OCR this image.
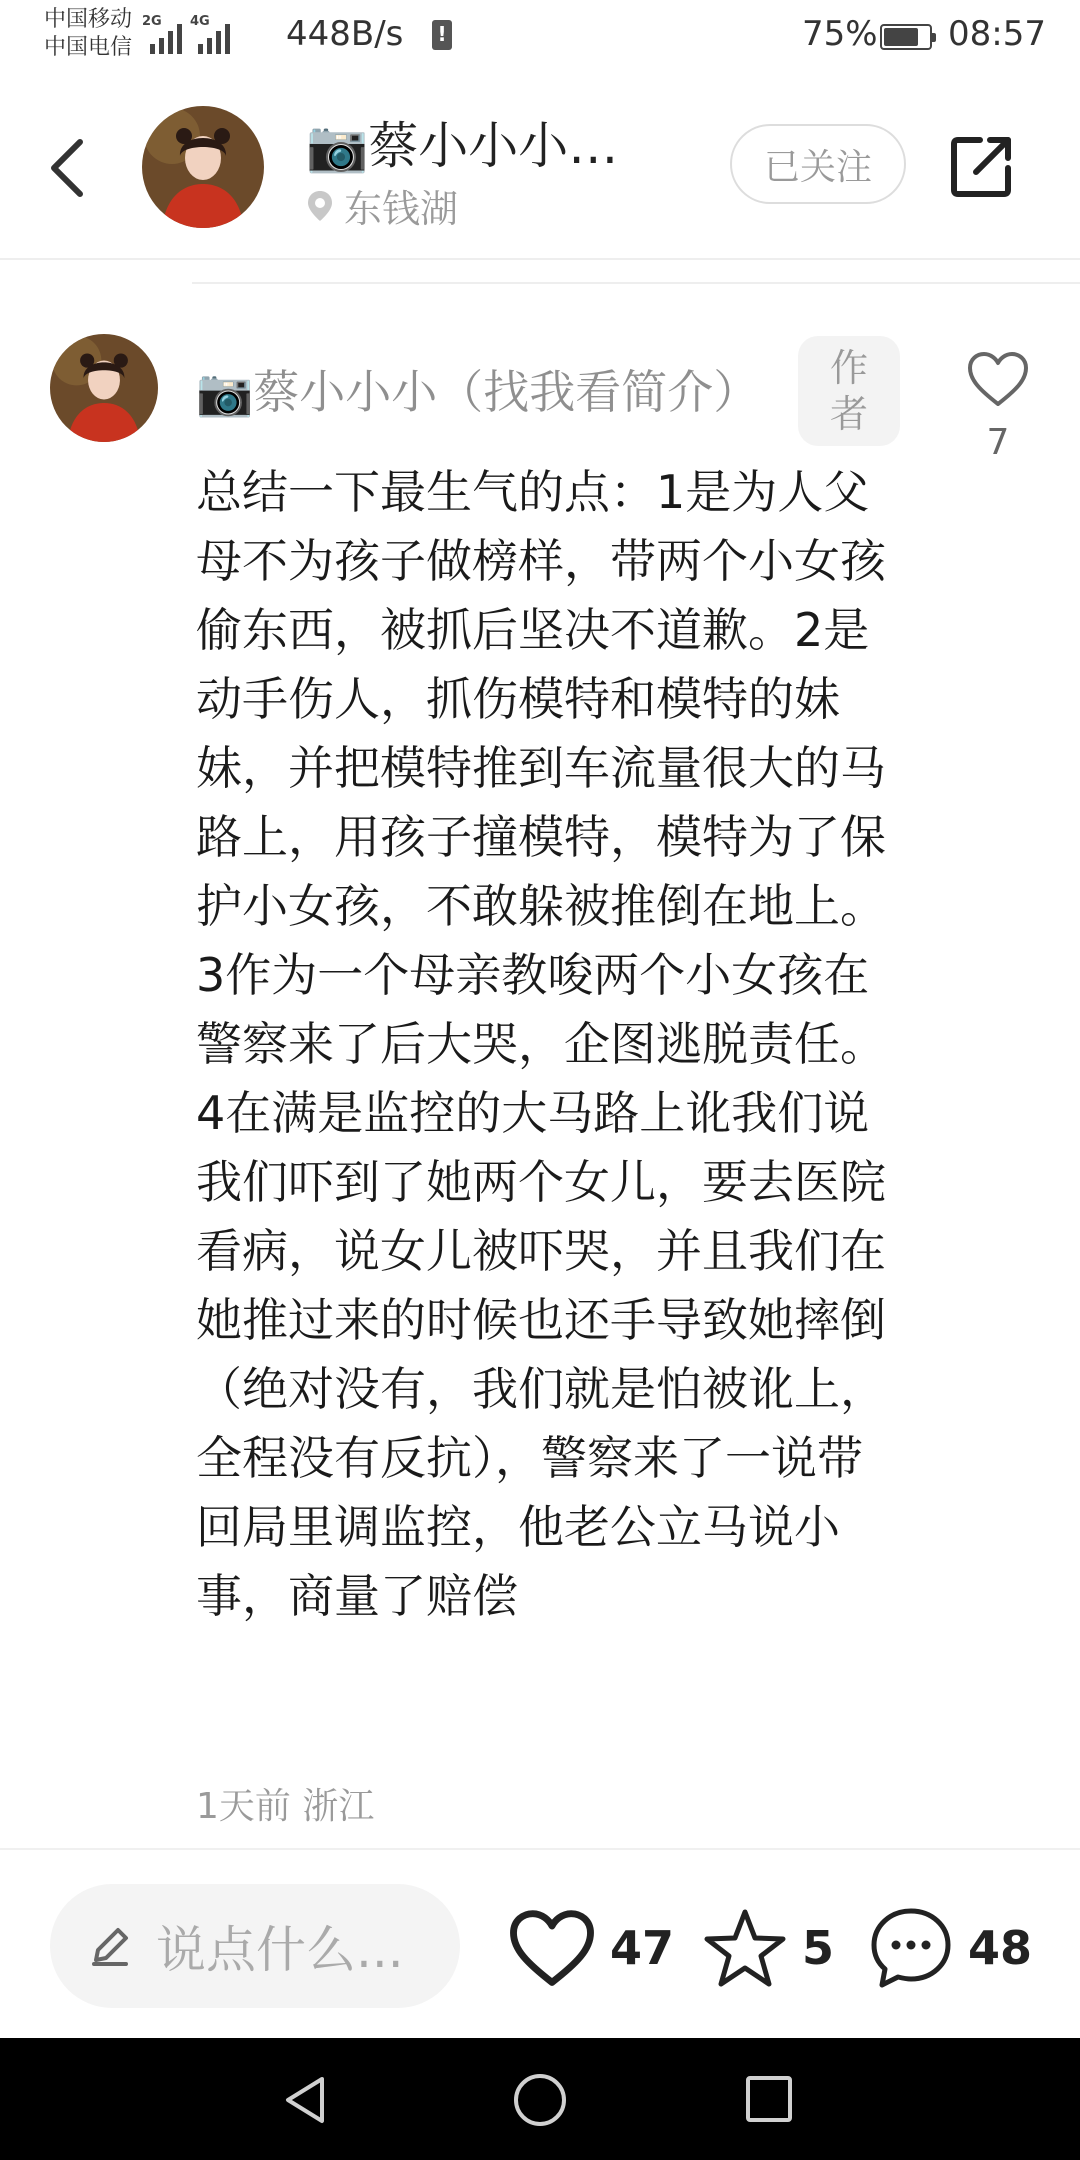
中国移动
中国电信
2G 4G 448B/s
!	75% 08:57
📷蔡小小小…
东钱湖
已关注
📷蔡小小小（找我看简介） 作者
7
总结一下最生气的点：1是为人父母不为孩子做榜样，带两个小女孩偷东西，被抓后坚决不道歉。2是动手伤人，抓伤模特和模特的妹妹，并把模特推到车流量很大的马路上，用孩子撞模特，模特为了保护小女孩，不敢躲被推倒在地上。3作为一个母亲教唆两个小女孩在警察来了后大哭，企图逃脱责任。4在满是监控的大马路上讹我们说我们吓到了她两个女儿，要去医院看病，说女儿被吓哭，并且我们在她推过来的时候也还手导致她摔倒（绝对没有，我们就是怕被讹上，全程没有反抗），警察来了一说带回局里调监控，他老公立马说小事，商量了赔偿
1天前 浙江
说点什么...	47	5	48
